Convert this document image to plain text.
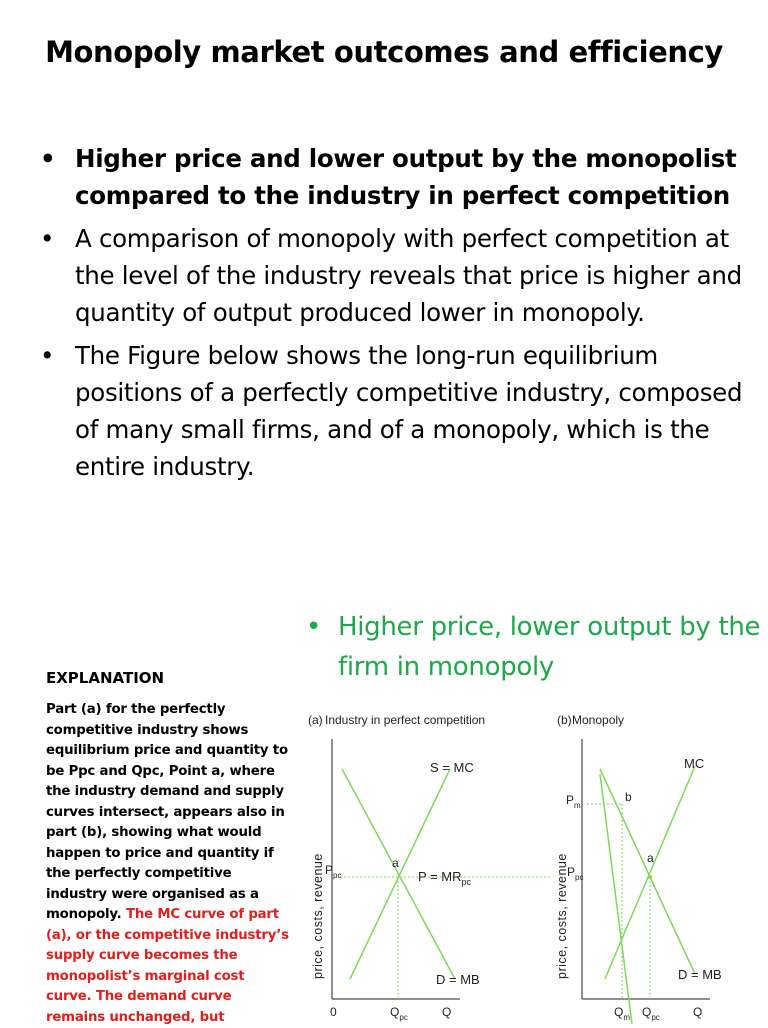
Monopoly market outcomes and efficiency
• Higher price and lower output by the monopolist compared to the industry in perfect competition
• A comparison of monopoly with perfect competition at the level of the industry reveals that price is higher and quantity of output produced lower in monopoly.
• The Figure below shows the long-run equilibrium positions of a perfectly competitive industry, composed of many small firms, and of a monopoly, which is the entire industry.
• Higher price, lower output by the firm in monopoly
EXPLANATION
Part (a) for the perfectly competitive industry shows equilibrium price and quantity to be Ppc and Qpc, Point a, where the industry demand and supply curves intersect, appears also in part (b), showing what would happen to price and quantity if the perfectly competitive industry were organised as a monopoly. The MC curve of part (a), or the competitive industry’s supply curve becomes the monopolist’s marginal cost curve. The demand curve remains unchanged, but
(a) Industry in perfect competition
price, costs, revenue
S = MC
D = MB
a
$P = MR_{pc}$
$P_{pc}$
0	$Q_{pc}$	Q
(b) Monopoly
price, costs, revenue
MC
D = MB
b
a
$P_m$
$P_{pc}$
$Q_m$ $Q_{pc}$	Q
